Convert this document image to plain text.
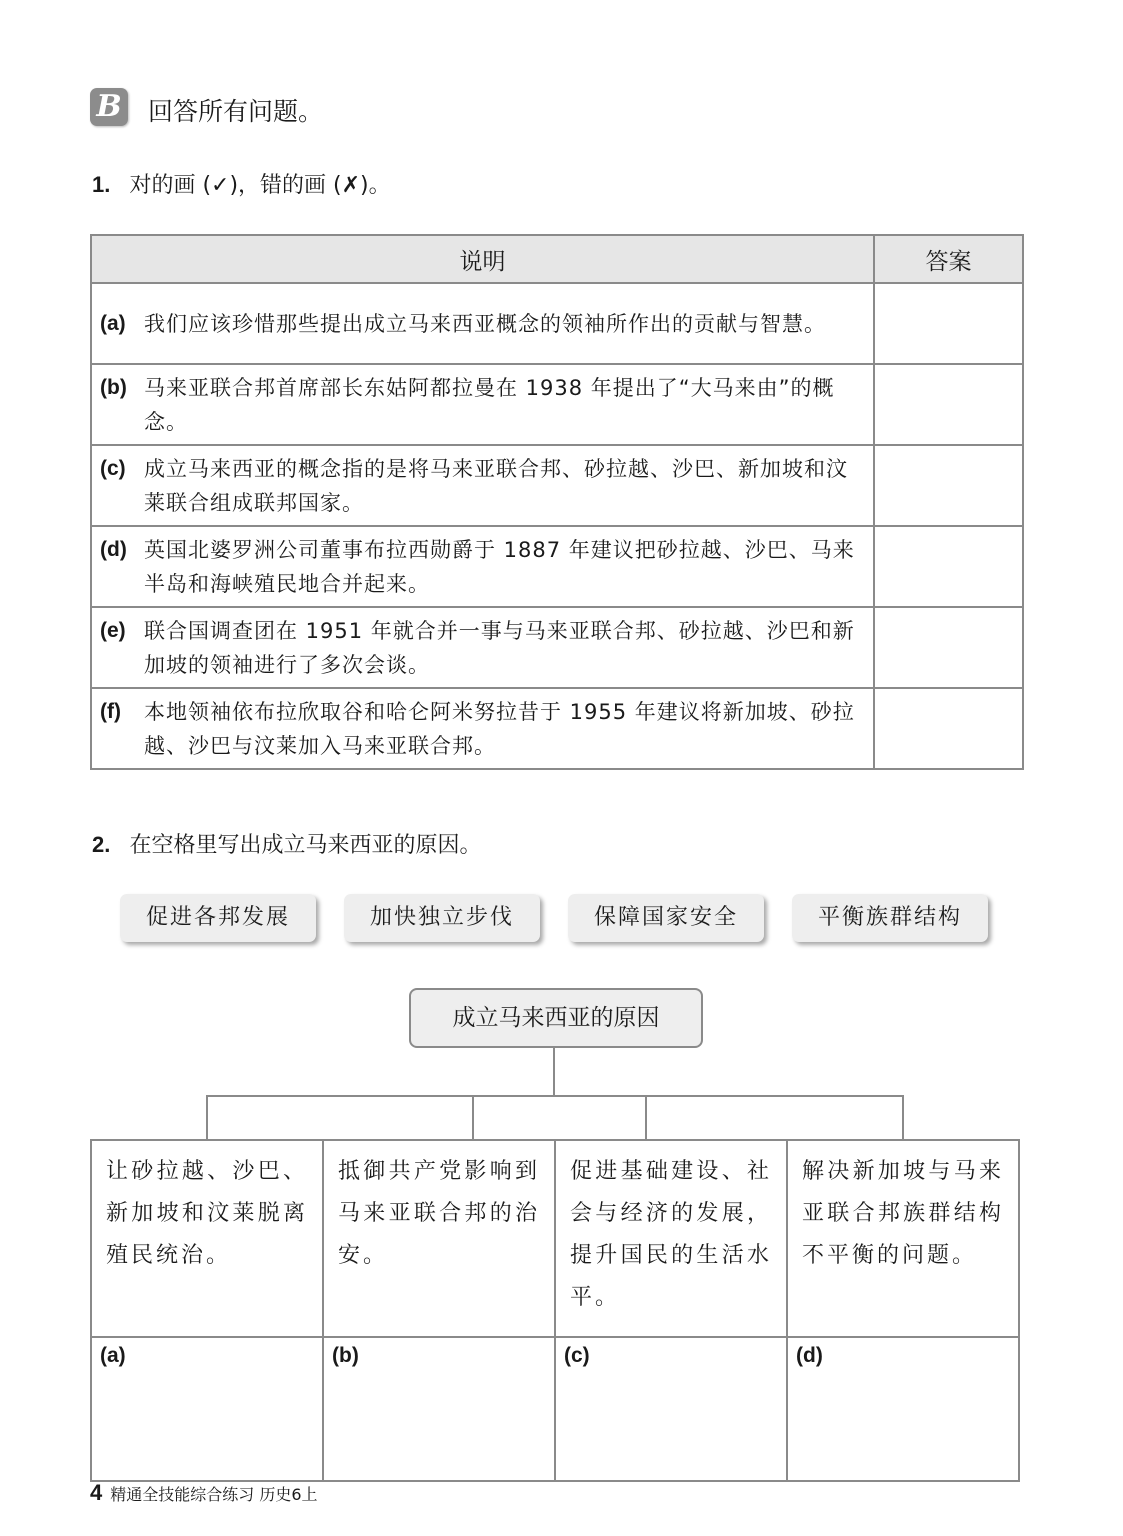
B 回答所有问题。
1. 对的画 (✓)，错的画 (✗)。
说明	答案

(a) 我们应该珍惜那些提出成立马来西亚概念的领袖所作出的贡献与智慧。	

(b) 马来亚联合邦首席部长东姑阿都拉曼在 1938 年提出了“大马来由”的概念。	

(c) 成立马来西亚的概念指的是将马来亚联合邦、砂拉越、沙巴、新加坡和汶莱联合组成联邦国家。	

(d) 英国北婆罗洲公司董事布拉西勋爵于 1887 年建议把砂拉越、沙巴、马来半岛和海峡殖民地合并起来。	

(e) 联合国调查团在 1951 年就合并一事与马来亚联合邦、砂拉越、沙巴和新加坡的领袖进行了多次会谈。	

(f) 本地领袖依布拉欣取谷和哈仑阿米努拉昔于 1955 年建议将新加坡、砂拉越、沙巴与汶莱加入马来亚联合邦。	

2. 在空格里写出成立马来西亚的原因。
促进各邦发展	加快独立步伐	保障国家安全	平衡族群结构
成立马来西亚的原因
让砂拉越、沙巴、新加坡和汶莱脱离殖民统治。	抵御共产党影响到马来亚联合邦的治安。	促进基础建设、社会与经济的发展，提升国民的生活水平。	解决新加坡与马来亚联合邦族群结构不平衡的问题。
(a)	(b)	(c)	(d)
4 精通全技能综合练习 历史6上
